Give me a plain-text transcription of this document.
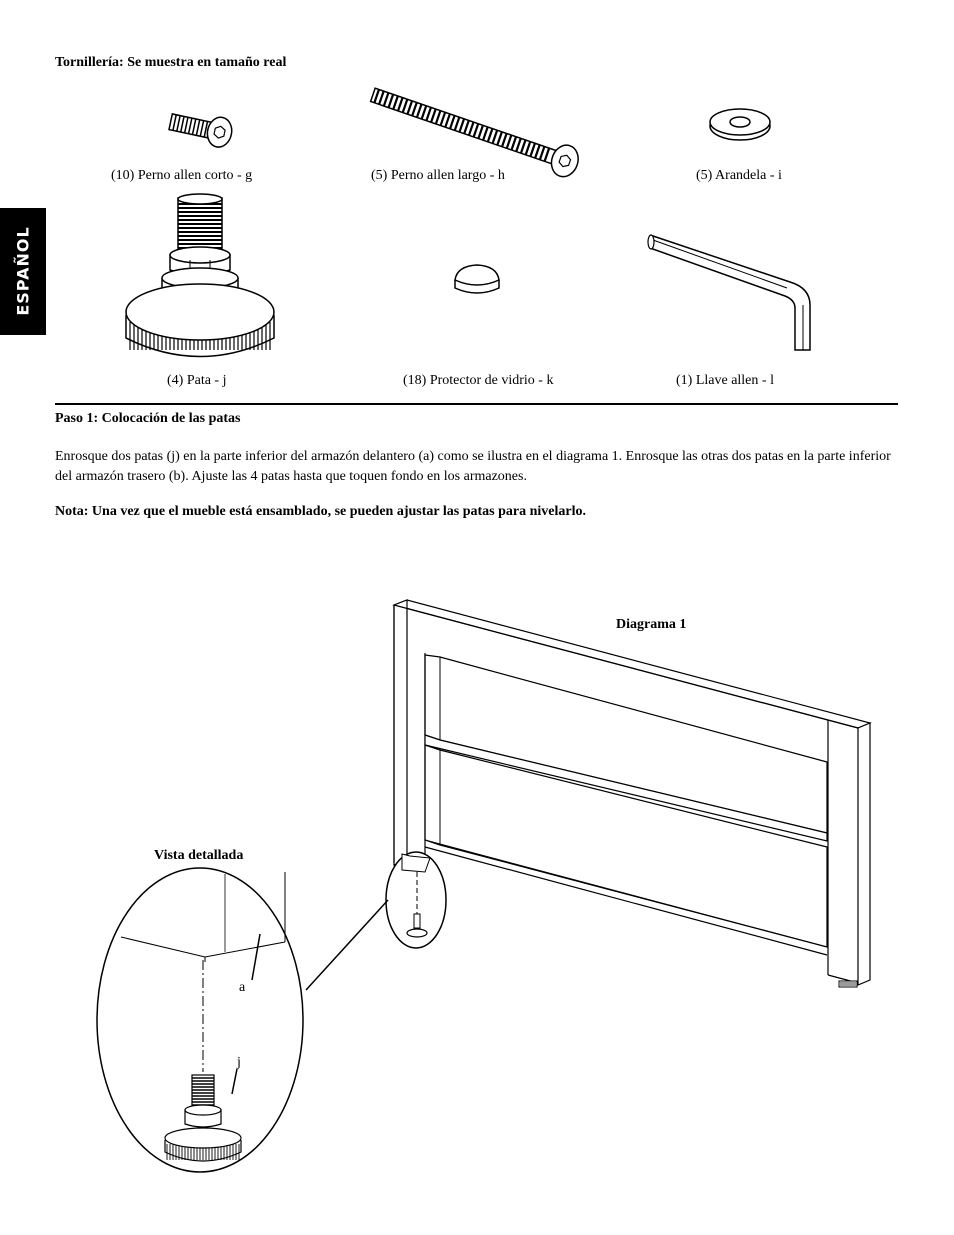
ESPAÑOL
Tornillería: Se muestra en tamaño real
(10) Perno allen corto - g	(5) Perno allen largo - h	(5) Arandela - i
(4) Pata - j	(18) Protector de vidrio - k	(1) Llave allen - l
Paso 1: Colocación de las patas
Enrosque dos patas (j) en la parte inferior del armazón delantero (a) como se ilustra en el diagrama 1. Enrosque las otras dos patas en la parte inferior del armazón trasero (b). Ajuste las 4 patas hasta que toquen fondo en los armazones.
Nota: Una vez que el mueble está ensamblado, se pueden ajustar las patas para nivelarlo.
Diagrama 1
Vista detallada
a
j
